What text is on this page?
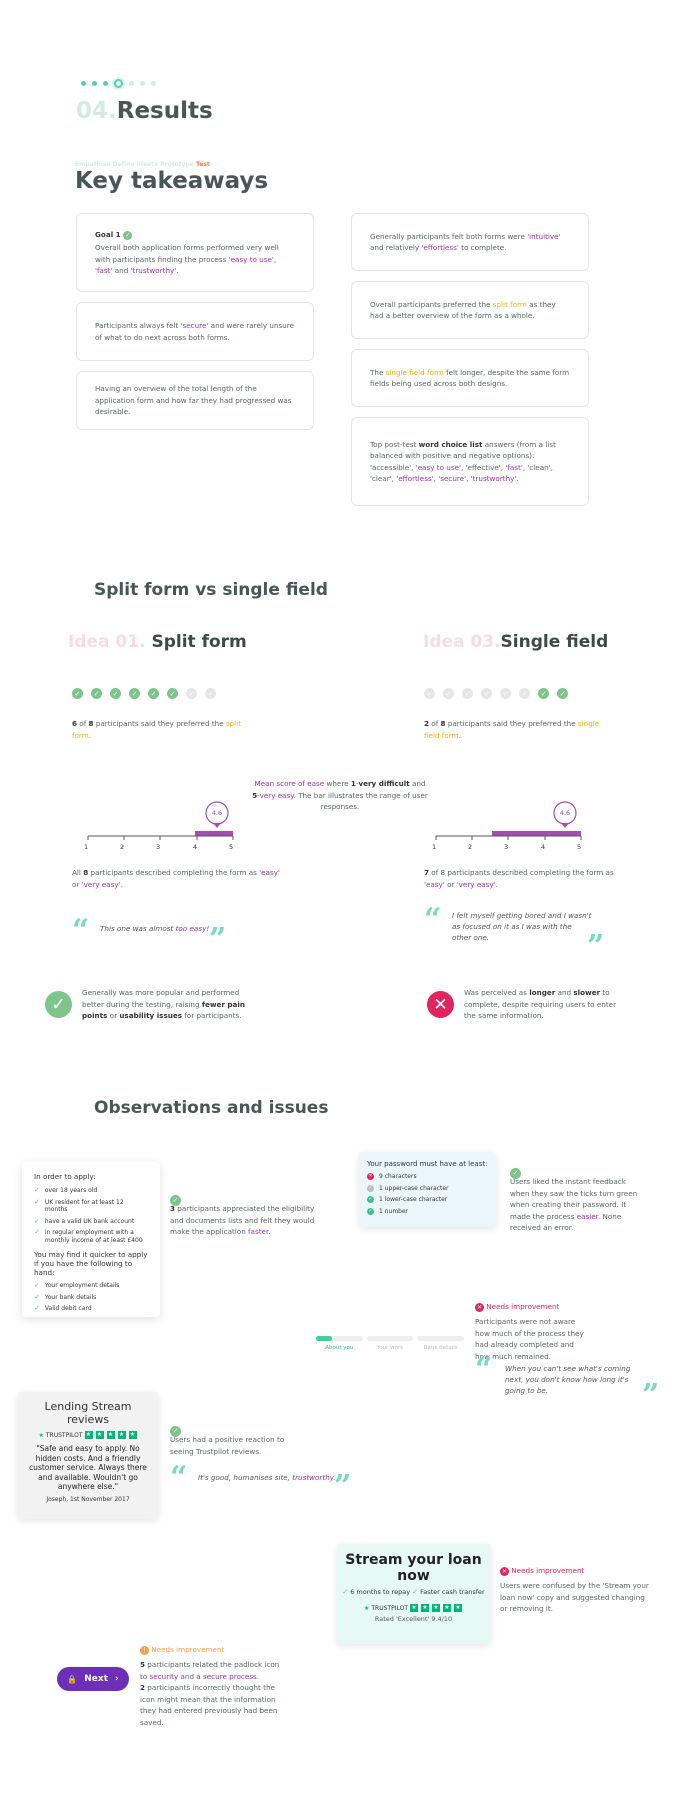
04.Results
Empathise Define Ideate Prototype Test
Key takeaways
Goal 1 ✓
Overall both application forms performed very well with participants finding the process 'easy to use', 'fast' and 'trustworthy'.
Participants always felt 'secure' and were rarely unsure of what to do next across both forms.
Having an overview of the total length of the application form and how far they had progressed was desirable.
Generally participants felt both forms were 'intuitive' and relatively 'effortless' to complete.
Overall participants preferred the split form as they had a better overview of the form as a whole.
The single field form felt longer, despite the same form fields being used across both designs.
Top post-test word choice list answers (from a list balanced with positive and negative options): 'accessible', 'easy to use', 'effective', 'fast', 'clean', 'clear', 'effortless', 'secure', 'trustworthy'.
Split form vs single field
Idea 01. Split form	Idea 03.Single field
✓	✓	✓	✓	✓	✓	✓	✓	✓	✓	✓	✓	✓	✓	✓	✓
6 of 8 participants said they preferred the split form.
2 of 8 participants said they preferred the single field form.
Mean score of ease where 1-very difficult and 5-very easy. The bar illustrates the range of user responses.
4.6
1	2	3	4	5
4.6
1	2	3	4	5
All 8 participants described completing the form as 'easy' or 'very easy'.
7 of 8 participants described completing the form as 'easy' or 'very easy'.
“ This one was almost too easy! ”
“ I felt myself getting bored and I wasn't as focused on it as I was with the other one.	”
✓
Generally was more popular and performed better during the testing, raising fewer pain points or usability issues for participants.
✕
Was perceived as longer and slower to complete, despite requiring users to enter the same information.
Observations and issues
In order to apply:
✓ over 18 years old
✓ UK resident for at least 12 months
✓ have a valid UK bank account
✓ in regular employment with a monthly income of at least £400
You may find it quicker to apply if you have the following to hand:
✓ Your employment details
✓ Your bank details
✓ Valid debit card
✓
3 participants appreciated the eligibility and documents lists and felt they would make the application faster.
Your password must have at least:
✕ 9 characters
✓ 1 upper-case character
✓ 1 lower-case character
✓ 1 number
✓
Users liked the instant feedback when they saw the ticks turn green when creating their password. It made the process easier. None received an error.
About you	Your work	Bank details
✕ Needs improvement
Participants were not aware how much of the process they had already completed and how much remained.
“ When you can't see what's coming next, you don't know how long it's going to be.	”
Lending Stream reviews
★ TRUSTPILOT ★ ★ ★ ★ ★
"Safe and easy to apply. No hidden costs. And a friendly customer service. Always there and available. Wouldn't go anywhere else."
Joseph, 1st November 2017
✓
Users had a positive reaction to seeing Trustpilot reviews.
“ It's good, humanises site, trustworthy.
”
Stream your loan now
✓ 6 months to repay ✓ Faster cash transfer
★ TRUSTPILOT ★ ★ ★ ★ ★
Rated 'Excellent' 9.4/10
✕ Needs improvement
Users were confused by the 'Stream your loan now' copy and suggested changing or removing it.
🔒 Next ›
! Needs improvement
5 participants related the padlock icon to security and a secure process.
2 participants incorrectly thought the icon might mean that the information they had entered previously had been saved.
